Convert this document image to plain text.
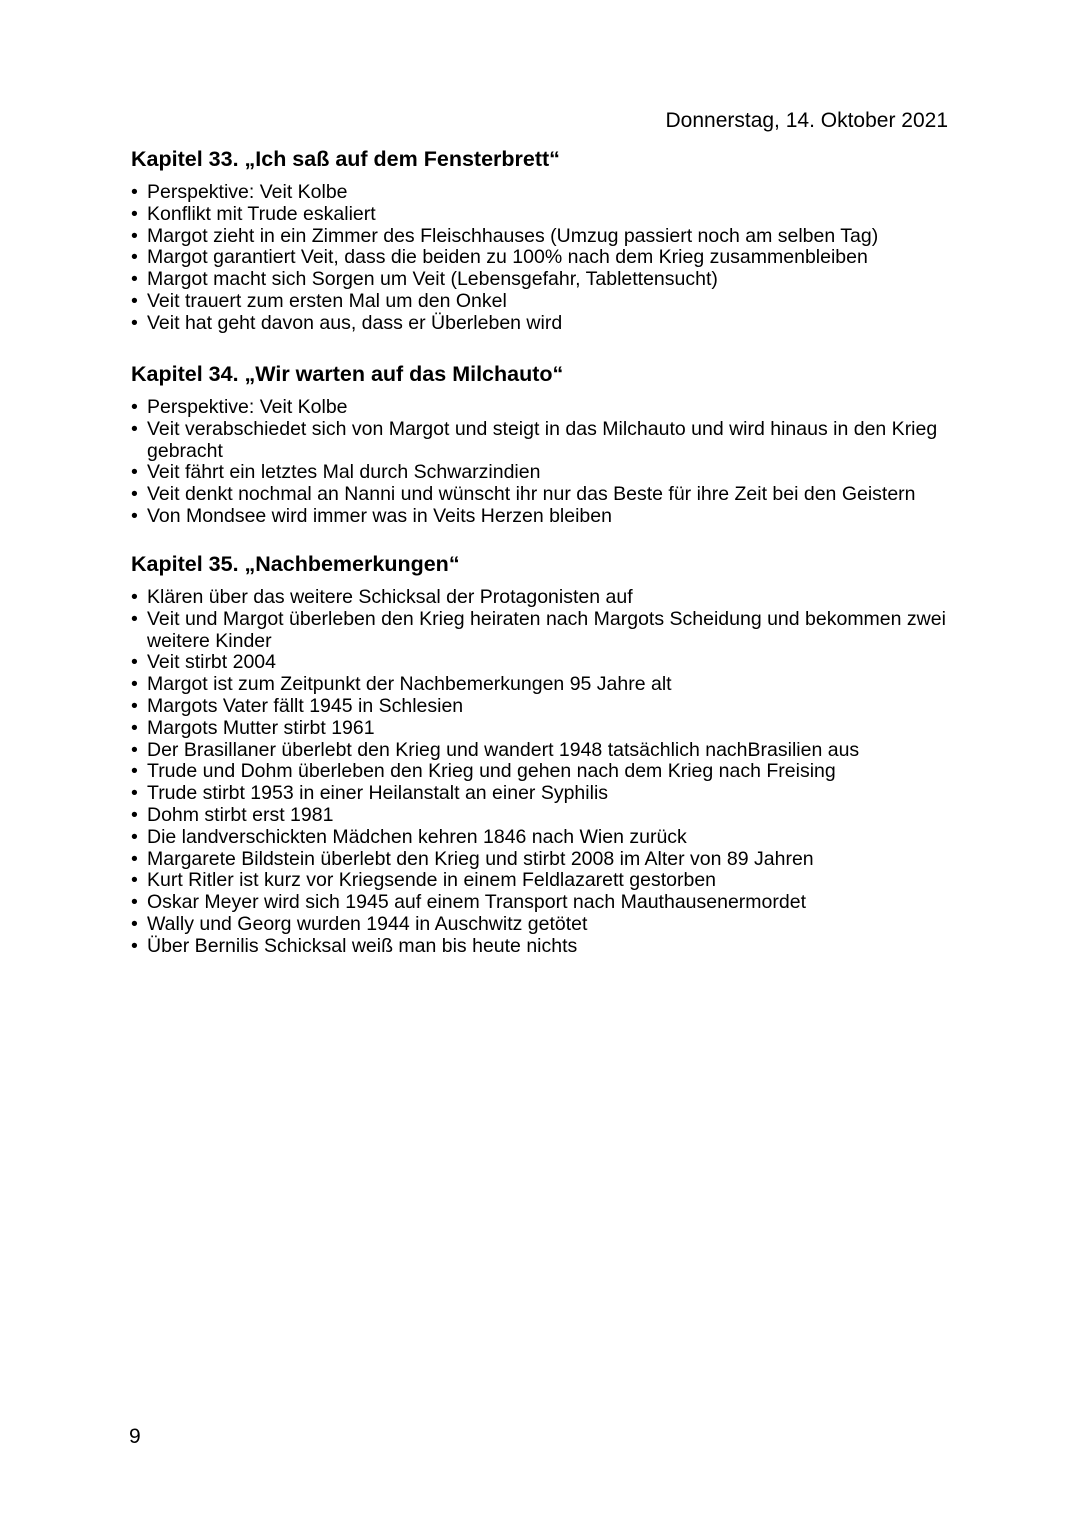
Donnerstag, 14. Oktober 2021
Kapitel 33. „Ich saß auf dem Fensterbrett“
• Perspektive: Veit Kolbe
• Konflikt mit Trude eskaliert
• Margot zieht in ein Zimmer des Fleischhauses (Umzug passiert noch am selben Tag)
• Margot garantiert Veit, dass die beiden zu 100% nach dem Krieg zusammenbleiben
• Margot macht sich Sorgen um Veit (Lebensgefahr, Tablettensucht)
• Veit trauert zum ersten Mal um den Onkel
• Veit hat geht davon aus, dass er Überleben wird
Kapitel 34. „Wir warten auf das Milchauto“
• Perspektive: Veit Kolbe
• Veit verabschiedet sich von Margot und steigt in das Milchauto und wird hinaus in den Krieg gebracht
• Veit fährt ein letztes Mal durch Schwarzindien
• Veit denkt nochmal an Nanni und wünscht ihr nur das Beste für ihre Zeit bei den Geistern
• Von Mondsee wird immer was in Veits Herzen bleiben
Kapitel 35. „Nachbemerkungen“
• Klären über das weitere Schicksal der Protagonisten auf
• Veit und Margot überleben den Krieg heiraten nach Margots Scheidung und bekommen zwei weitere Kinder
• Veit stirbt 2004
• Margot ist zum Zeitpunkt der Nachbemerkungen 95 Jahre alt
• Margots Vater fällt 1945 in Schlesien
• Margots Mutter stirbt 1961
• Der Brasillaner überlebt den Krieg und wandert 1948 tatsächlich nachBrasilien aus
• Trude und Dohm überleben den Krieg und gehen nach dem Krieg nach Freising
• Trude stirbt 1953 in einer Heilanstalt an einer Syphilis
• Dohm stirbt erst 1981
• Die landverschickten Mädchen kehren 1846 nach Wien zurück
• Margarete Bildstein überlebt den Krieg und stirbt 2008 im Alter von 89 Jahren
• Kurt Ritler ist kurz vor Kriegsende in einem Feldlazarett gestorben
• Oskar Meyer wird sich 1945 auf einem Transport nach Mauthausenermordet
• Wally und Georg wurden 1944 in Auschwitz getötet
• Über Bernilis Schicksal weiß man bis heute nichts
9
